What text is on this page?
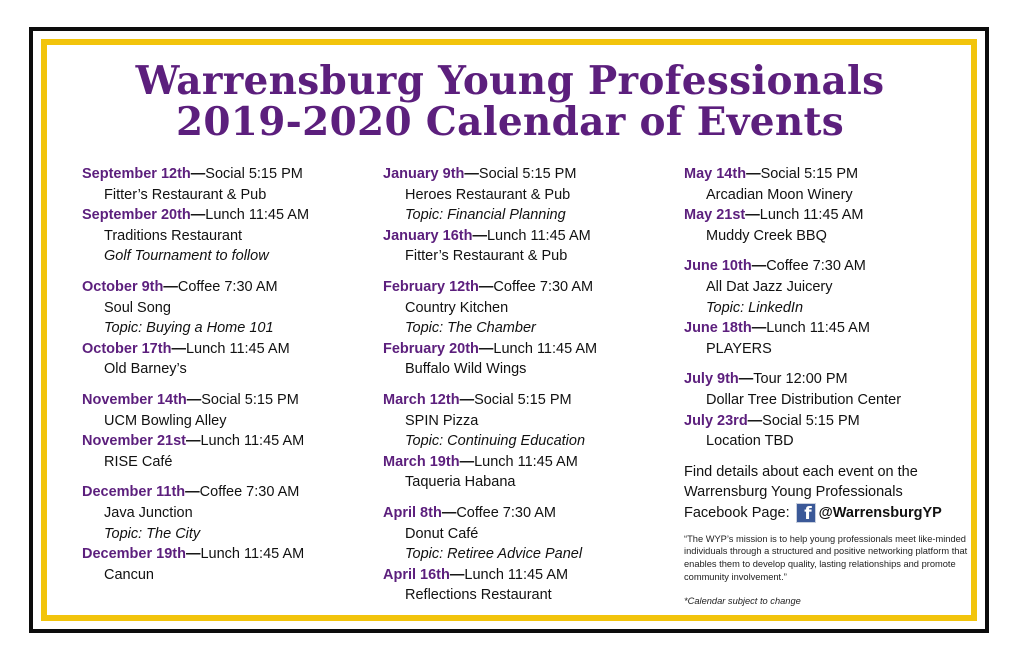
Warrensburg Young Professionals
2019-2020 Calendar of Events
September 12th—Social 5:15 PM
Fitter’s Restaurant & Pub
September 20th—Lunch 11:45 AM
Traditions Restaurant
Golf Tournament to follow
October 9th—Coffee 7:30 AM
Soul Song
Topic: Buying a Home 101
October 17th—Lunch 11:45 AM
Old Barney’s
November 14th—Social 5:15 PM
UCM Bowling Alley
November 21st—Lunch 11:45 AM
RISE Café
December 11th—Coffee 7:30 AM
Java Junction
Topic: The City
December 19th—Lunch 11:45 AM
Cancun
January 9th—Social 5:15 PM
Heroes Restaurant & Pub
Topic: Financial Planning
January 16th—Lunch 11:45 AM
Fitter’s Restaurant & Pub
February 12th—Coffee 7:30 AM
Country Kitchen
Topic: The Chamber
February 20th—Lunch 11:45 AM
Buffalo Wild Wings
March 12th—Social 5:15 PM
SPIN Pizza
Topic: Continuing Education
March 19th—Lunch 11:45 AM
Taqueria Habana
April 8th—Coffee 7:30 AM
Donut Café
Topic: Retiree Advice Panel
April 16th—Lunch 11:45 AM
Reflections Restaurant
May 14th—Social 5:15 PM
Arcadian Moon Winery
May 21st—Lunch 11:45 AM
Muddy Creek BBQ
June 10th—Coffee 7:30 AM
All Dat Jazz Juicery
Topic: LinkedIn
June 18th—Lunch 11:45 AM
PLAYERS
July 9th—Tour 12:00 PM
Dollar Tree Distribution Center
July 23rd—Social 5:15 PM
Location TBD
Find details about each event on the
Warrensburg Young Professionals
Facebook Page: f @WarrensburgYP
“The WYP’s mission is to help young professionals meet like-minded individuals through a structured and positive networking platform that enables them to develop quality, lasting relationships and promote community involvement.”
*Calendar subject to change
